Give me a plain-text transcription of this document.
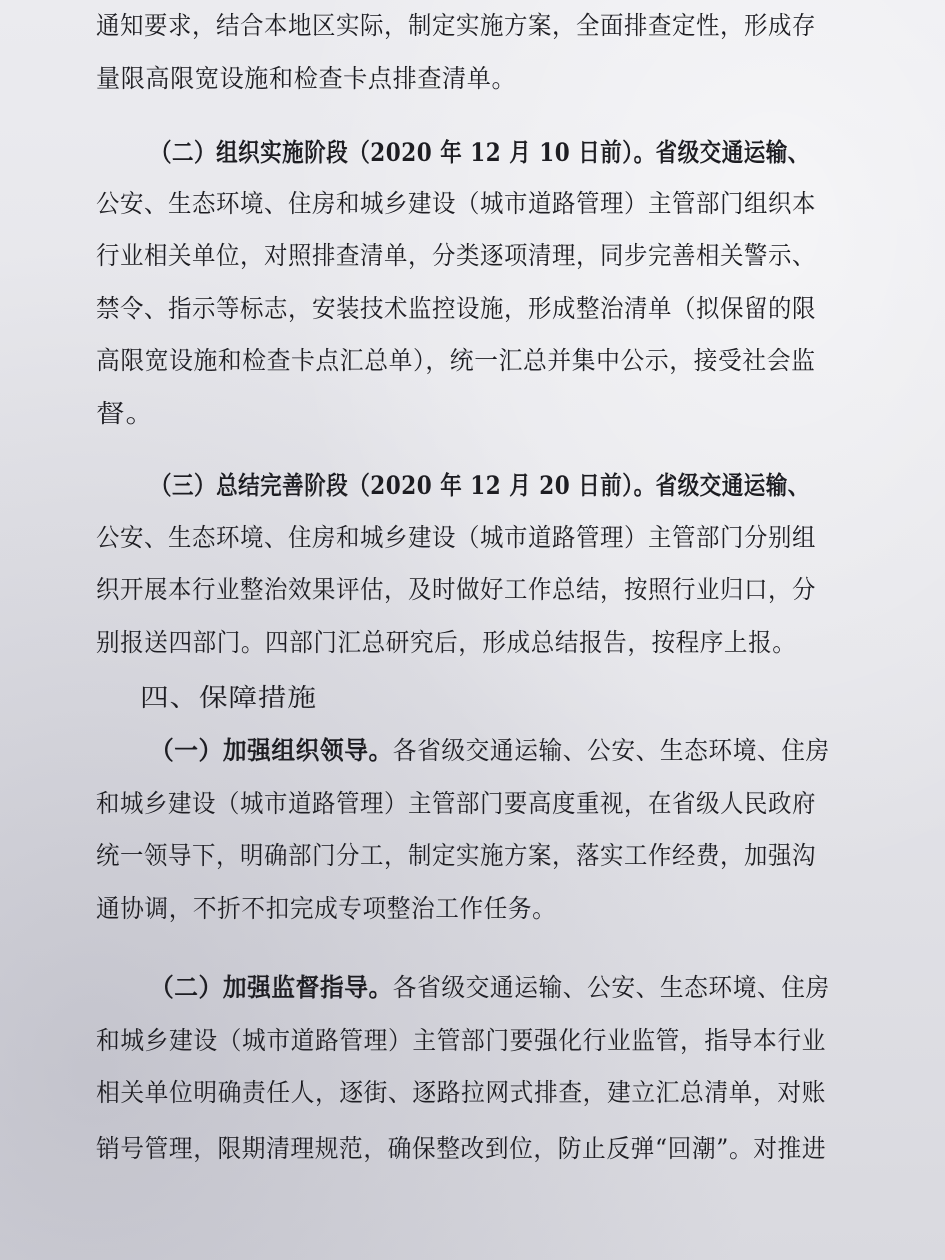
通知要求，结合本地区实际，制定实施方案，全面排查定性，形成存
量限高限宽设施和检查卡点排查清单。
（二）组织实施阶段（2020 年 12 月 10 日前）。省级交通运输、
公安、生态环境、住房和城乡建设（城市道路管理）主管部门组织本
行业相关单位，对照排查清单，分类逐项清理，同步完善相关警示、
禁令、指示等标志，安装技术监控设施，形成整治清单（拟保留的限
高限宽设施和检查卡点汇总单），统一汇总并集中公示，接受社会监
督。
（三）总结完善阶段（2020 年 12 月 20 日前）。省级交通运输、
公安、生态环境、住房和城乡建设（城市道路管理）主管部门分别组
织开展本行业整治效果评估，及时做好工作总结，按照行业归口，分
别报送四部门。四部门汇总研究后，形成总结报告，按程序上报。
四、保障措施
（一）加强组织领导。各省级交通运输、公安、生态环境、住房
和城乡建设（城市道路管理）主管部门要高度重视，在省级人民政府
统一领导下，明确部门分工，制定实施方案，落实工作经费，加强沟
通协调，不折不扣完成专项整治工作任务。
（二）加强监督指导。各省级交通运输、公安、生态环境、住房
和城乡建设（城市道路管理）主管部门要强化行业监管，指导本行业
相关单位明确责任人，逐街、逐路拉网式排查，建立汇总清单，对账
销号管理，限期清理规范，确保整改到位，防止反弹“回潮”。对推进
